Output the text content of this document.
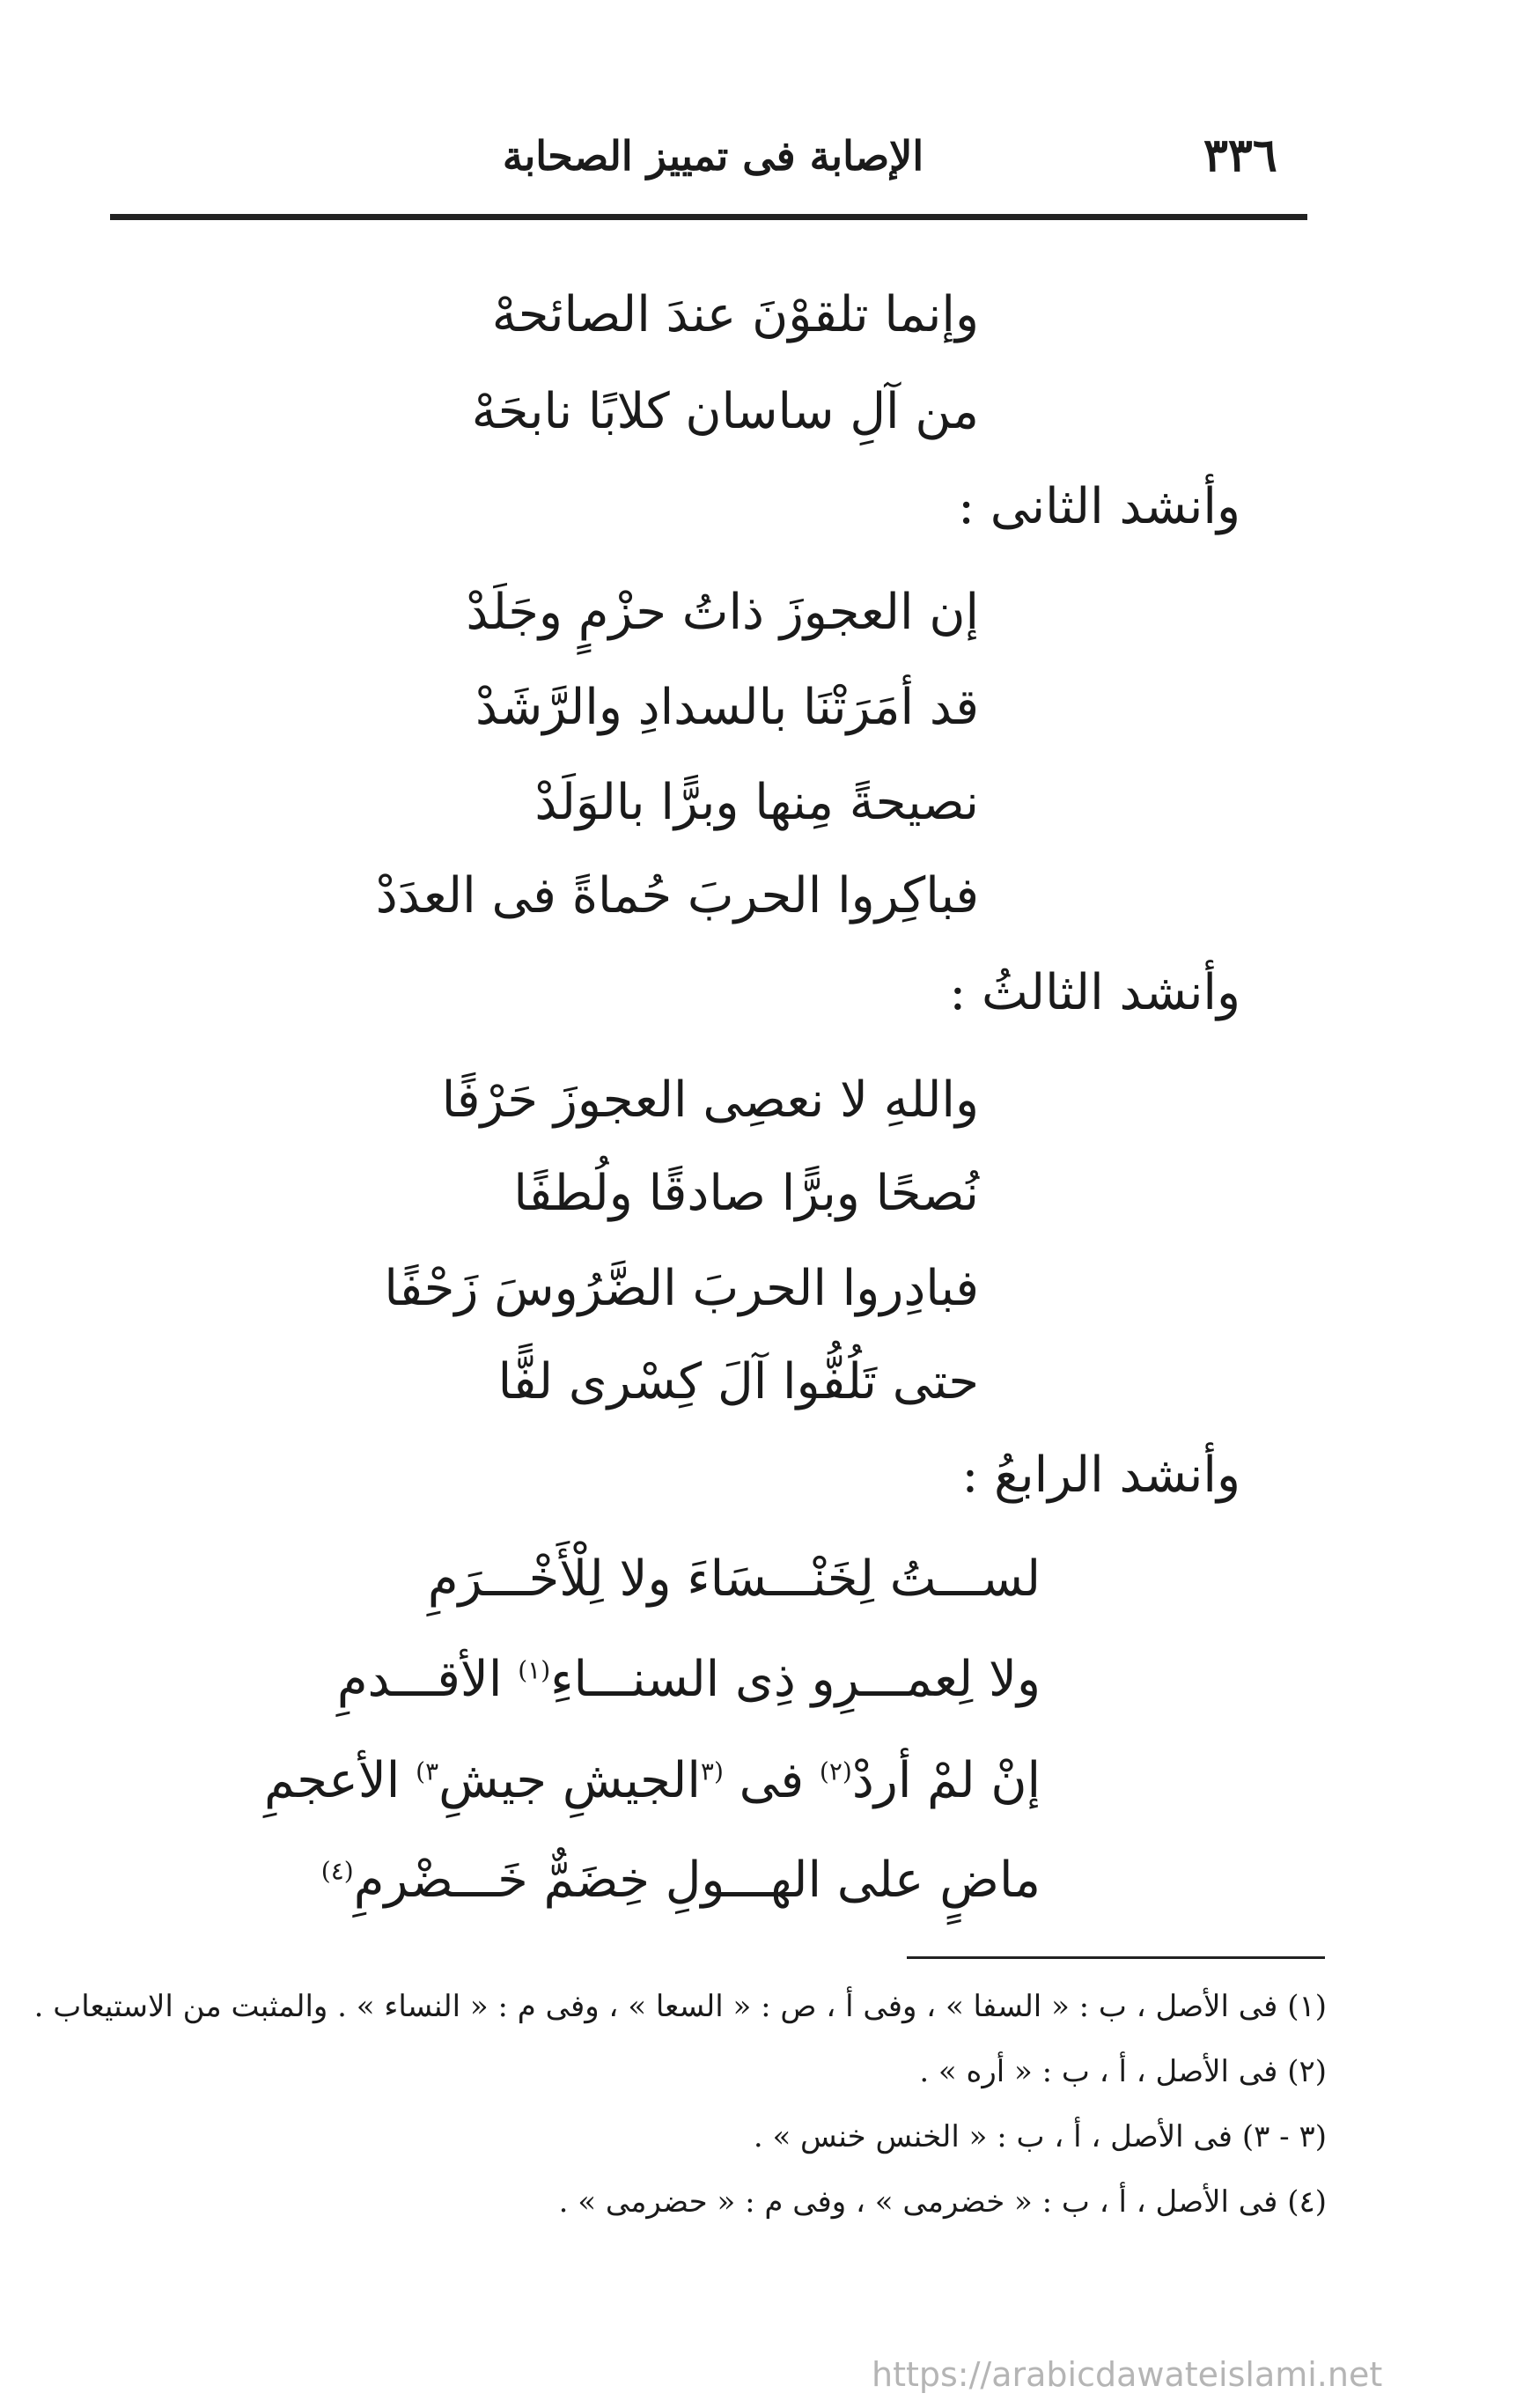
٣٣٦
الإصابة فى تمييز الصحابة
وإنما تلقوْنَ عندَ الصائحهْ
من آلِ ساسان كلابًا نابحَهْ
وأنشد الثانى :
إن العجوزَ ذاتُ حزْمٍ وجَلَدْ
قد أمَرَتْنَا بالسدادِ والرَّشَدْ
نصيحةً مِنها وبرًّا بالوَلَدْ
فباكِروا الحربَ حُماةً فى العدَدْ
وأنشد الثالثُ :
واللهِ لا نعصِى العجوزَ حَرْفًا
نُصحًا وبرًّا صادقًا ولُطفًا
فبادِروا الحربَ الضَّرُوسَ زَحْفًا
حتى تَلُفُّوا آلَ كِسْرى لفًّا
وأنشد الرابعُ :
لســـتُ لِخَنْـــسَاءَ ولا لِلْأَخْـــرَمِ
ولا لِعمـــرِو ذِى السنـــاءِ$^{(١)}$ الأقـــدمِ
إنْ لمْ أردْ$^{(٢)}$ فى $^{(٣}$الجيشِ جيشِ$^{٣)}$ الأعجمِ
ماضٍ على الهـــولِ خِضَمٌّ خَـــضْرمِ$^{(٤)}$
(١) فى الأصل ، ب : « السفا » ، وفى أ ، ص : « السعا » ، وفى م : « النساء » . والمثبت من الاستيعاب .
(٢) فى الأصل ، أ ، ب : « أره » .
(٣ - ٣) فى الأصل ، أ ، ب : « الخنس خنس » .
(٤) فى الأصل ، أ ، ب : « خضرمى » ، وفى م : « حضرمى » .
https://arabicdawateislami.net
